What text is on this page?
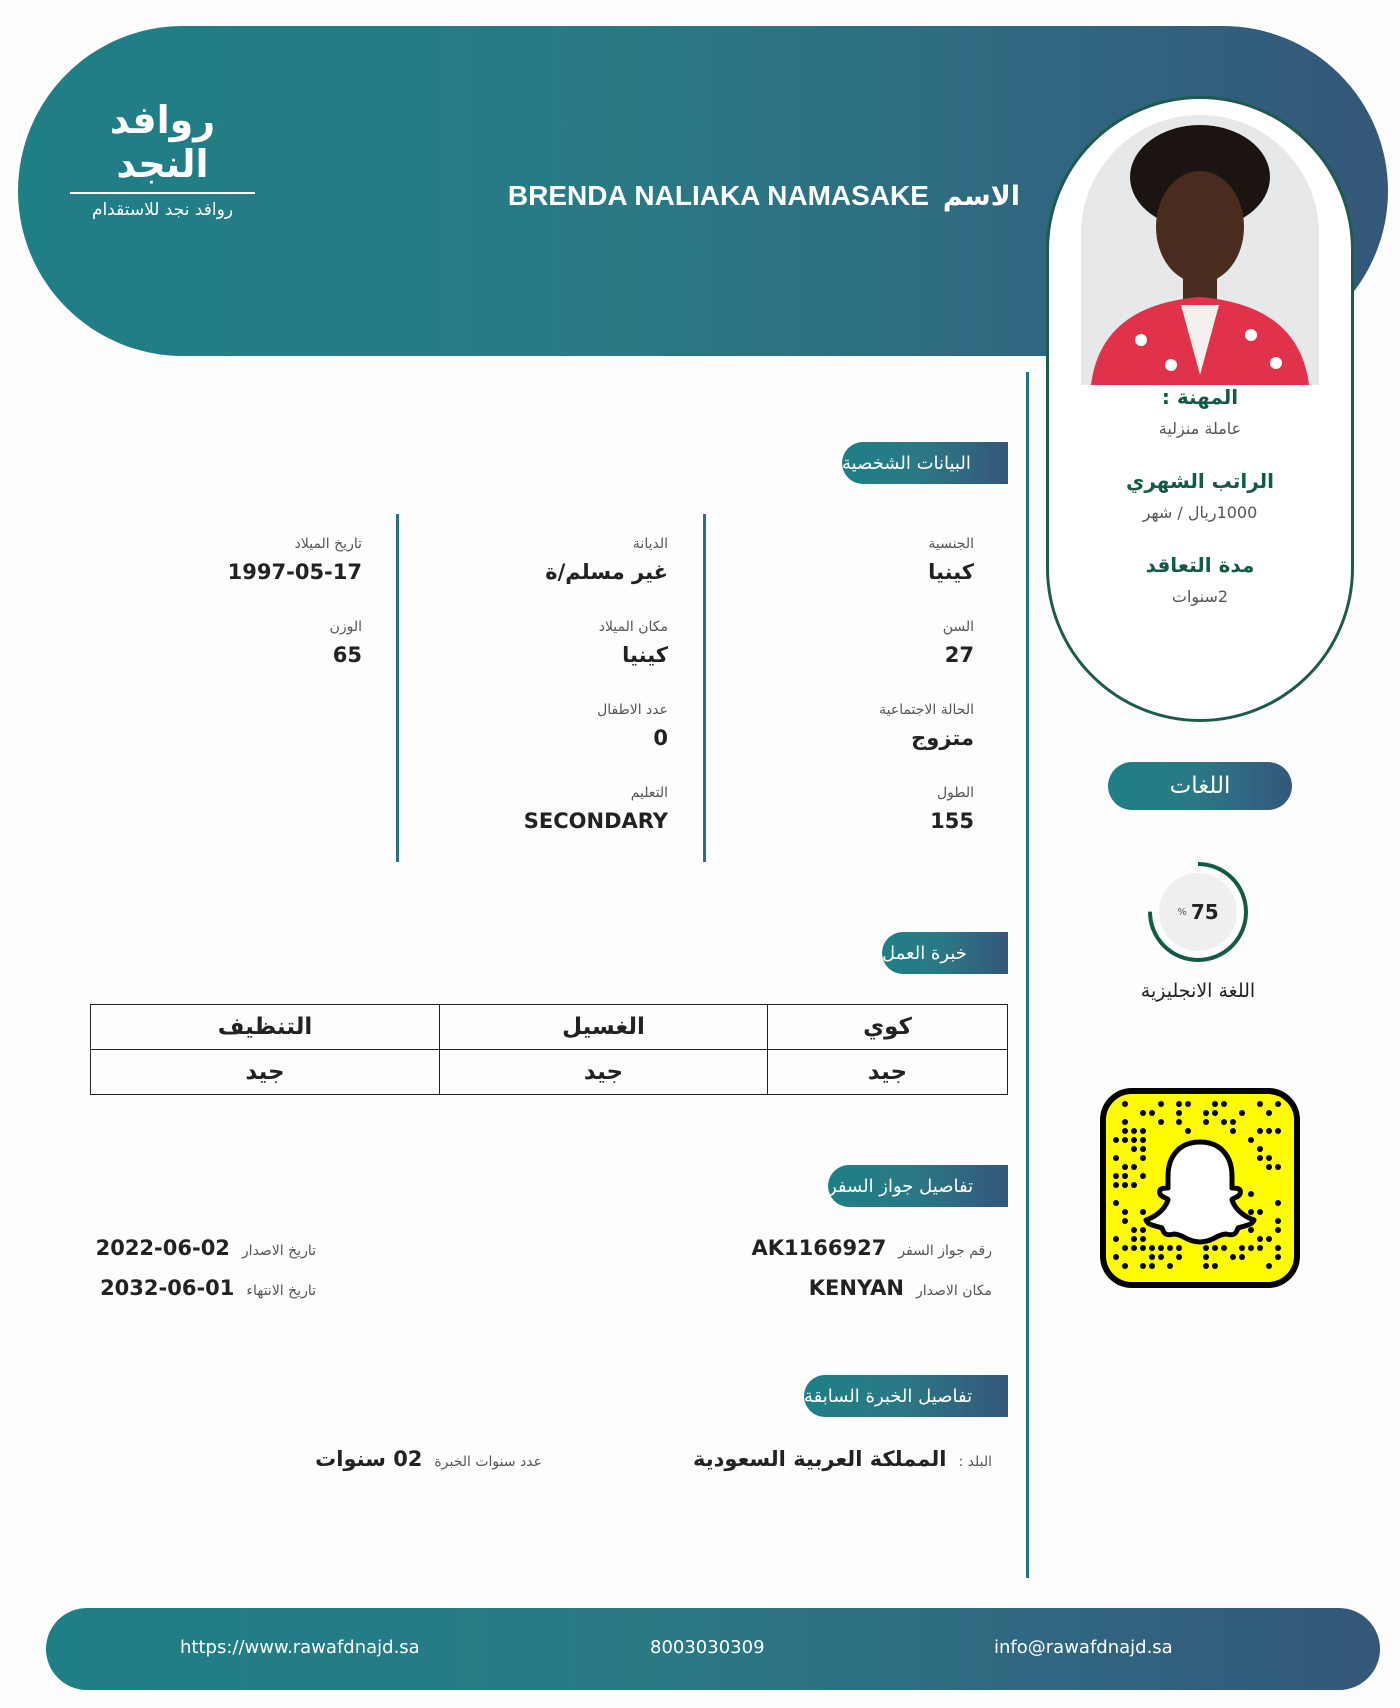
روافد النجد
روافد نجد للاستقدام	BRENDA NALIAKA NAMASAKE الاسم
المهنة :
عاملة منزلية
الراتب الشهري
1000ريال / شهر
مدة التعاقد
2سنوات
البيانات الشخصية
الجنسية
كينيا
السن
27
الحالة الاجتماعية
متزوج
الطول
155
الديانة
غير مسلم/ة
مكان الميلاد
كينيا
عدد الاطفال
0
التعليم
SECONDARY
تاريخ الميلاد
1997-05-17
الوزن
65
خبرة العمل
كوي	الغسيل	التنظيف
جيد	جيد	جيد
تفاصيل جواز السفر
رقم جواز السفر
AK1166927
مكان الاصدار
KENYAN
تاريخ الاصدار
2022-06-02
تاريخ الانتهاء
2032-06-01
تفاصيل الخبرة السابقة
البلد :
المملكة العربية السعودية
عدد سنوات الخبرة
02 سنوات
اللغات
% 75
اللغة الانجليزية
https://www.rawafdnajd.sa	8003030309	info@rawafdnajd.sa
